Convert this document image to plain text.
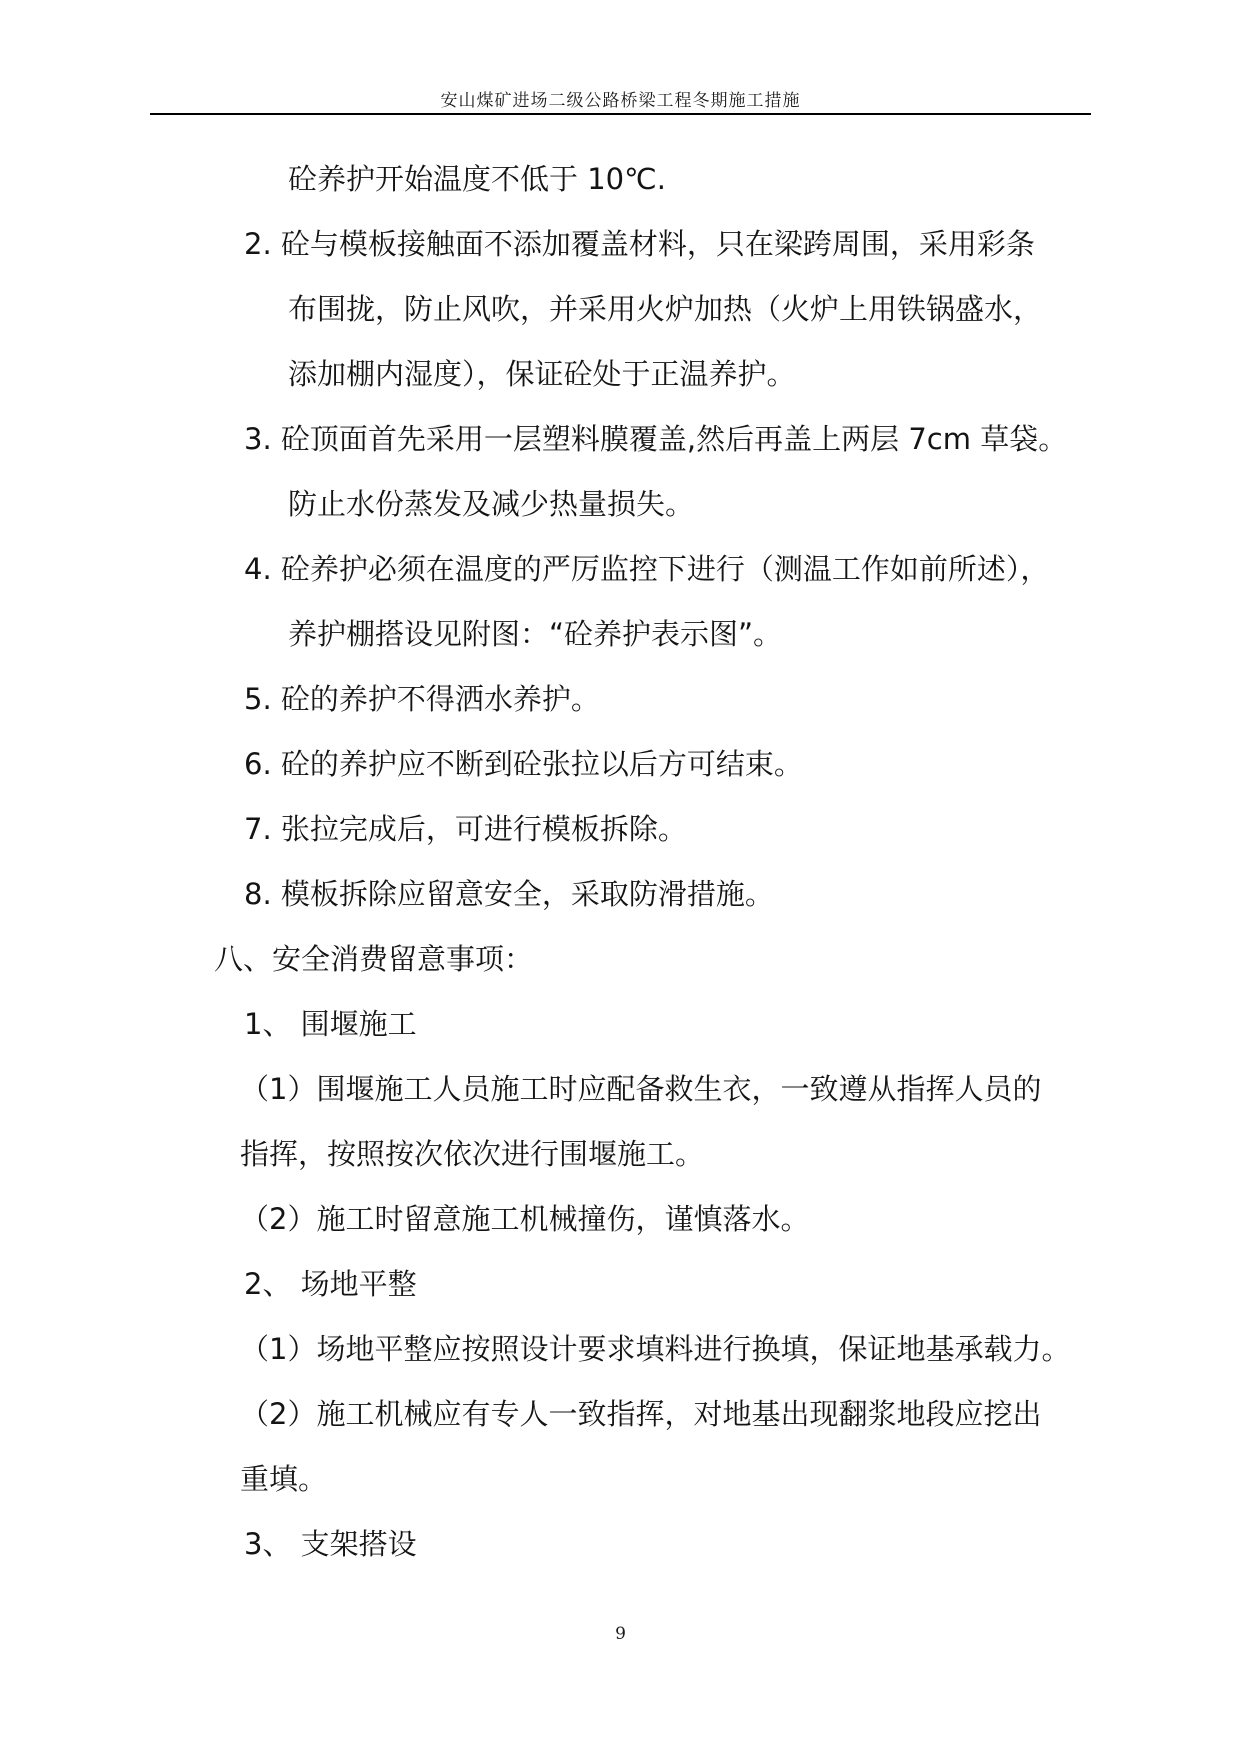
安山煤矿进场二级公路桥梁工程冬期施工措施
砼养护开始温度不低于 10℃.
2. 砼与模板接触面不添加覆盖材料，只在梁跨周围，采用彩条
布围拢，防止风吹，并采用火炉加热（火炉上用铁锅盛水，
添加棚内湿度），保证砼处于正温养护。
3. 砼顶面首先采用一层塑料膜覆盖,然后再盖上两层 7cm 草袋。
防止水份蒸发及减少热量损失。
4. 砼养护必须在温度的严厉监控下进行（测温工作如前所述），
养护棚搭设见附图：“砼养护表示图”。
5. 砼的养护不得洒水养护。
6. 砼的养护应不断到砼张拉以后方可结束。
7. 张拉完成后，可进行模板拆除。
8. 模板拆除应留意安全，采取防滑措施。
八、安全消费留意事项：
1、 围堰施工
（1）围堰施工人员施工时应配备救生衣，一致遵从指挥人员的
指挥，按照按次依次进行围堰施工。
（2）施工时留意施工机械撞伤，谨慎落水。
2、 场地平整
（1）场地平整应按照设计要求填料进行换填，保证地基承载力。
（2）施工机械应有专人一致指挥，对地基出现翻浆地段应挖出
重填。
3、 支架搭设
9
